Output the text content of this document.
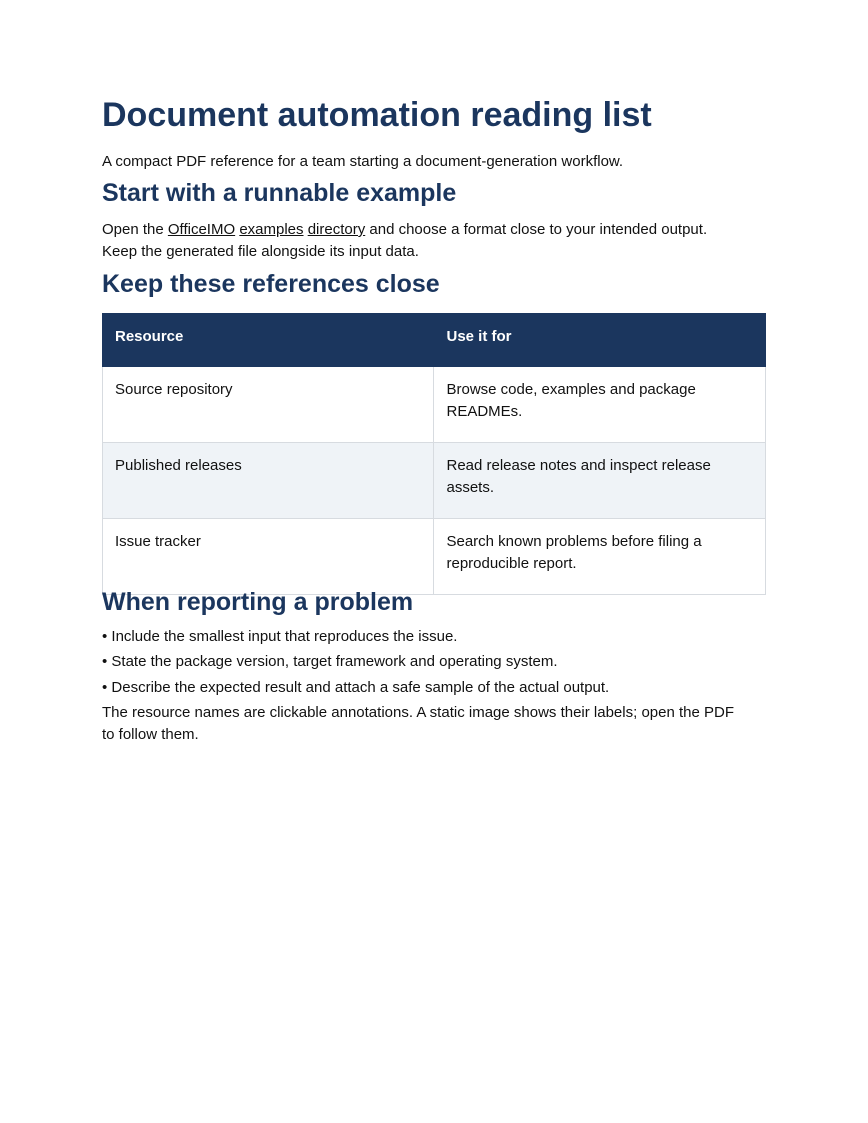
Document automation reading list

A compact PDF reference for a team starting a document-generation workflow.

Start with a runnable example

Open the OfficeIMO examples directory and choose a format close to your intended output.
Keep the generated file alongside its input data.

Keep these references close
Resource	Use it for
Source repository	Browse code, examples and package READMEs.
Published releases	Read release notes and inspect release assets.
Issue tracker	Search known problems before filing a reproducible report.
When reporting a problem

• Include the smallest input that reproduces the issue.

• State the package version, target framework and operating system.

• Describe the expected result and attach a safe sample of the actual output.

The resource names are clickable annotations. A static image shows their labels; open the PDF
to follow them.
